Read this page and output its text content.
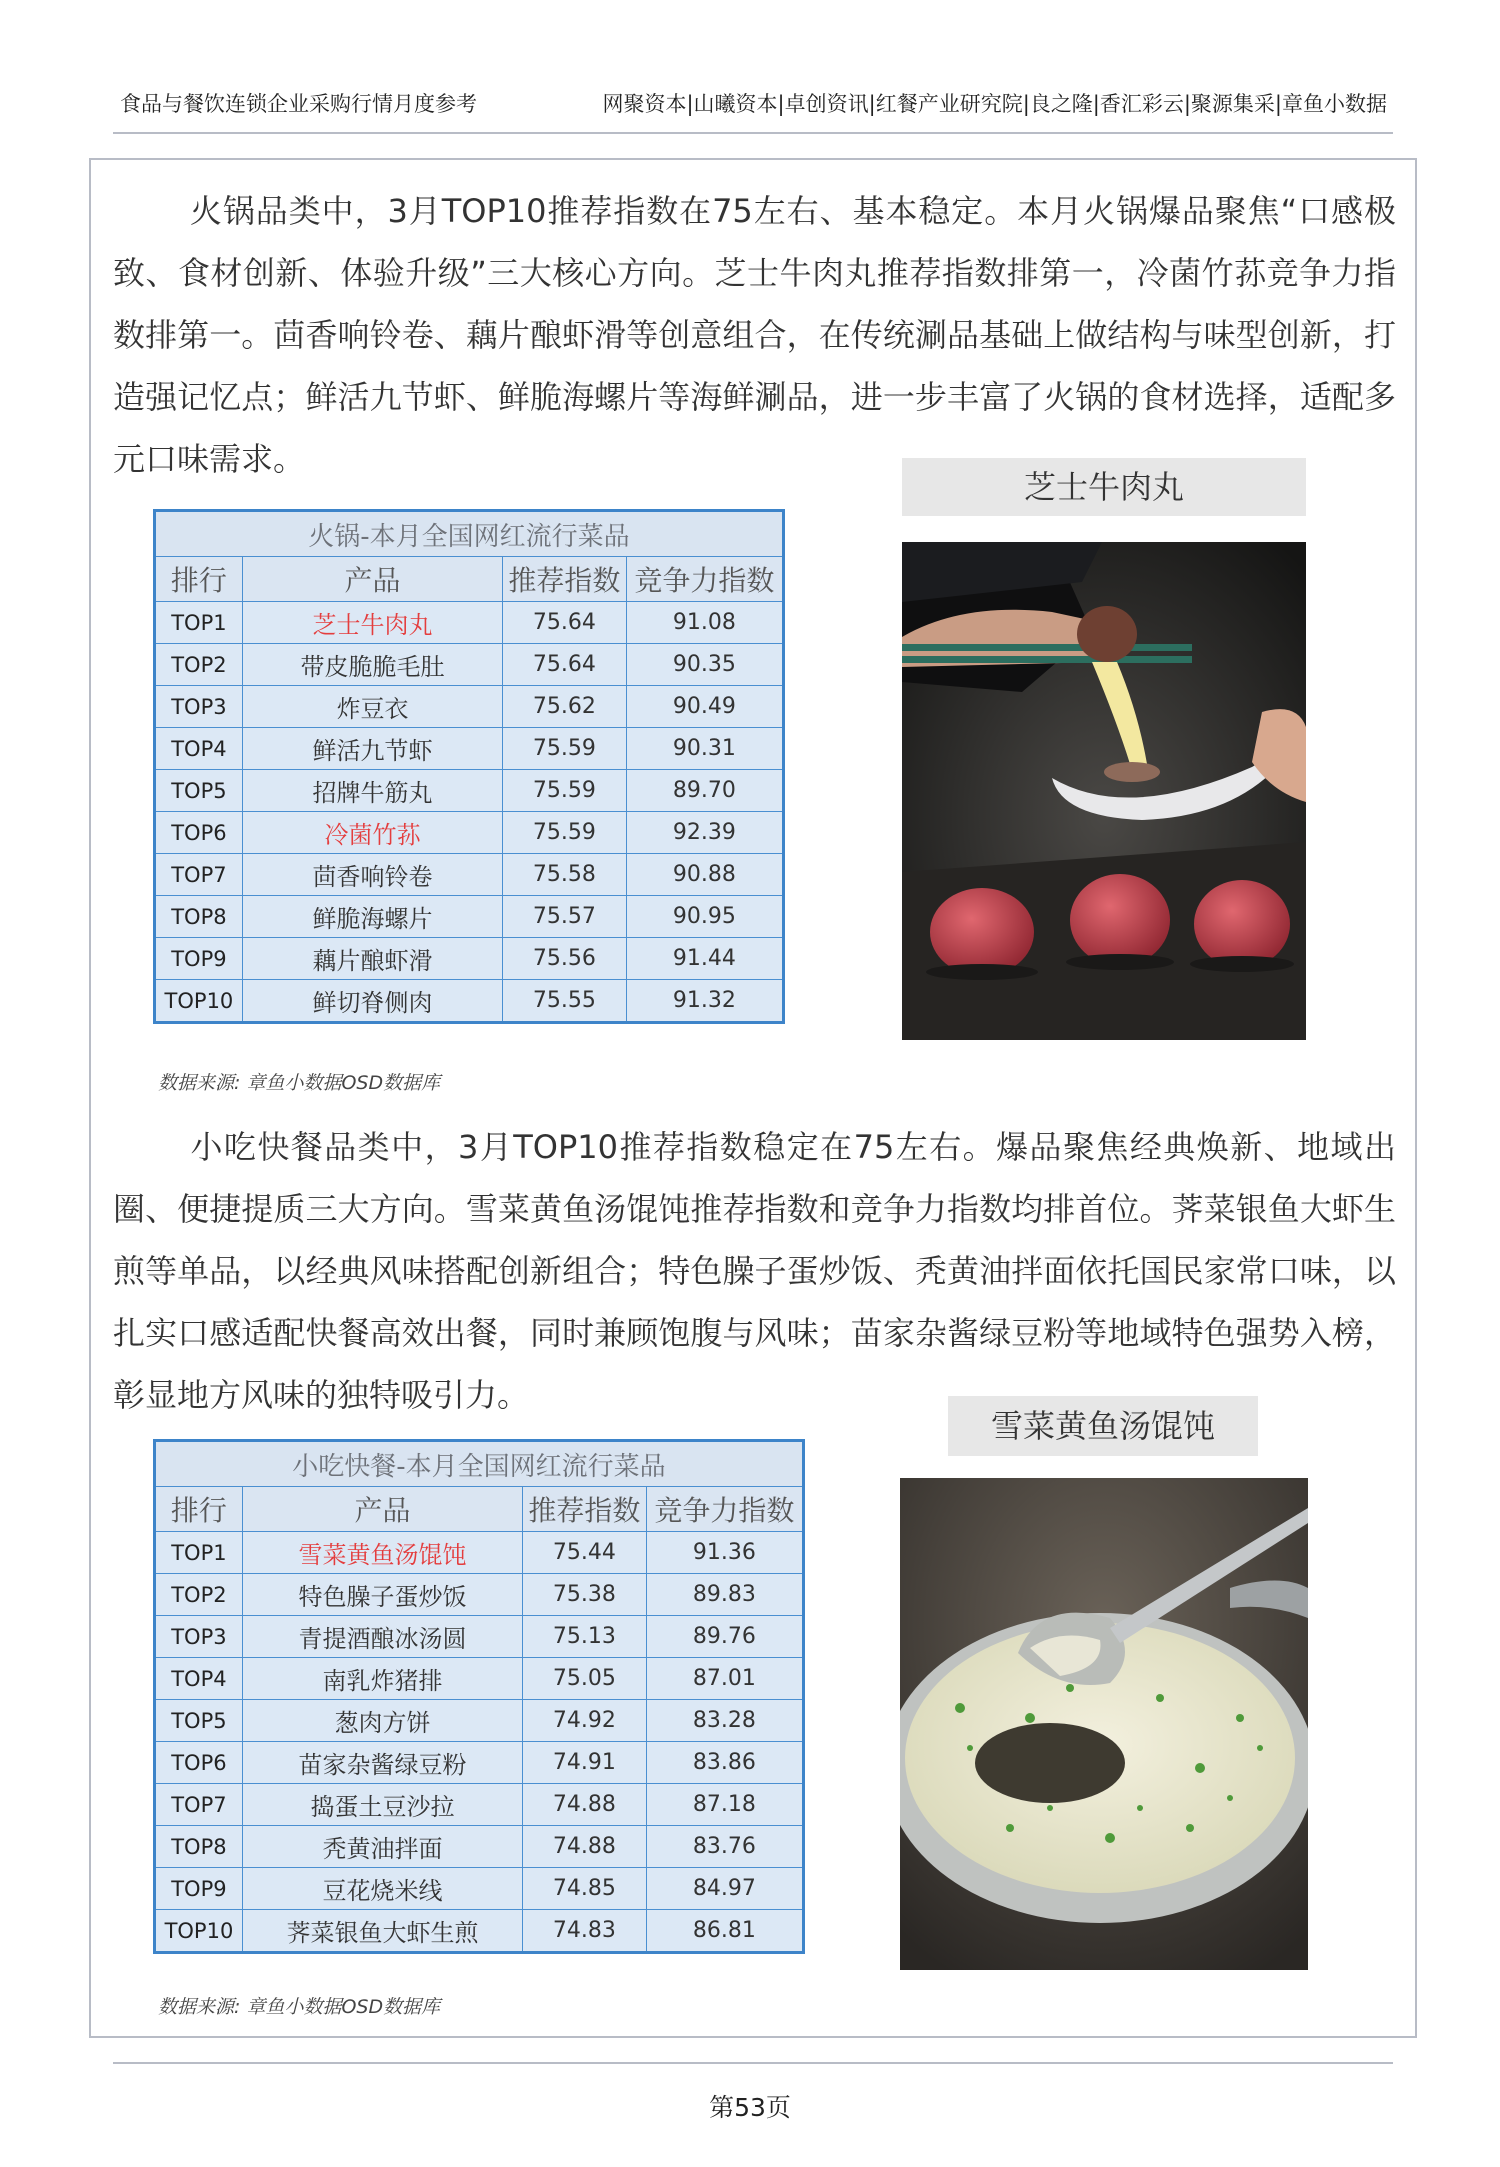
食品与餐饮连锁企业采购行情月度参考	网聚资本|山曦资本|卓创资讯|红餐产业研究院|良之隆|香汇彩云|聚源集采|章鱼小数据

火锅品类中，3月TOP10推荐指数在75左右、基本稳定。本月火锅爆品聚焦“口感极致、食材创新、体验升级”三大核心方向。芝士牛肉丸推荐指数排第一，冷菌竹荪竞争力指数排第一。茴香响铃卷、藕片酿虾滑等创意组合，在传统涮品基础上做结构与味型创新，打造强记忆点；鲜活九节虾、鲜脆海螺片等海鲜涮品，进一步丰富了火锅的食材选择，适配多元口味需求。

芝士牛肉丸
火锅-本月全国网红流行菜品			
排行	产品	推荐指数	竞争力指数
TOP1	芝士牛肉丸	75.64	91.08
TOP2	带皮脆脆毛肚	75.64	90.35
TOP3	炸豆衣	75.62	90.49
TOP4	鲜活九节虾	75.59	90.31
TOP5	招牌牛筋丸	75.59	89.70
TOP6	冷菌竹荪	75.59	92.39
TOP7	茴香响铃卷	75.58	90.88
TOP8	鲜脆海螺片	75.57	90.95
TOP9	藕片酿虾滑	75.56	91.44
TOP10	鲜切脊侧肉	75.55	91.32
数据来源: 章鱼小数据OSD数据库

小吃快餐品类中，3月TOP10推荐指数稳定在75左右。爆品聚焦经典焕新、地域出圈、便捷提质三大方向。雪菜黄鱼汤馄饨推荐指数和竞争力指数均排首位。荠菜银鱼大虾生煎等单品，以经典风味搭配创新组合；特色臊子蛋炒饭、秃黄油拌面依托国民家常口味，以扎实口感适配快餐高效出餐，同时兼顾饱腹与风味；苗家杂酱绿豆粉等地域特色强势入榜，彰显地方风味的独特吸引力。

雪菜黄鱼汤馄饨
小吃快餐-本月全国网红流行菜品			
排行	产品	推荐指数	竞争力指数
TOP1	雪菜黄鱼汤馄饨	75.44	91.36
TOP2	特色臊子蛋炒饭	75.38	89.83
TOP3	青提酒酿冰汤圆	75.13	89.76
TOP4	南乳炸猪排	75.05	87.01
TOP5	葱肉方饼	74.92	83.28
TOP6	苗家杂酱绿豆粉	74.91	83.86
TOP7	捣蛋土豆沙拉	74.88	87.18
TOP8	秃黄油拌面	74.88	83.76
TOP9	豆花烧米线	74.85	84.97
TOP10	荠菜银鱼大虾生煎	74.83	86.81
数据来源: 章鱼小数据OSD数据库
第53页
